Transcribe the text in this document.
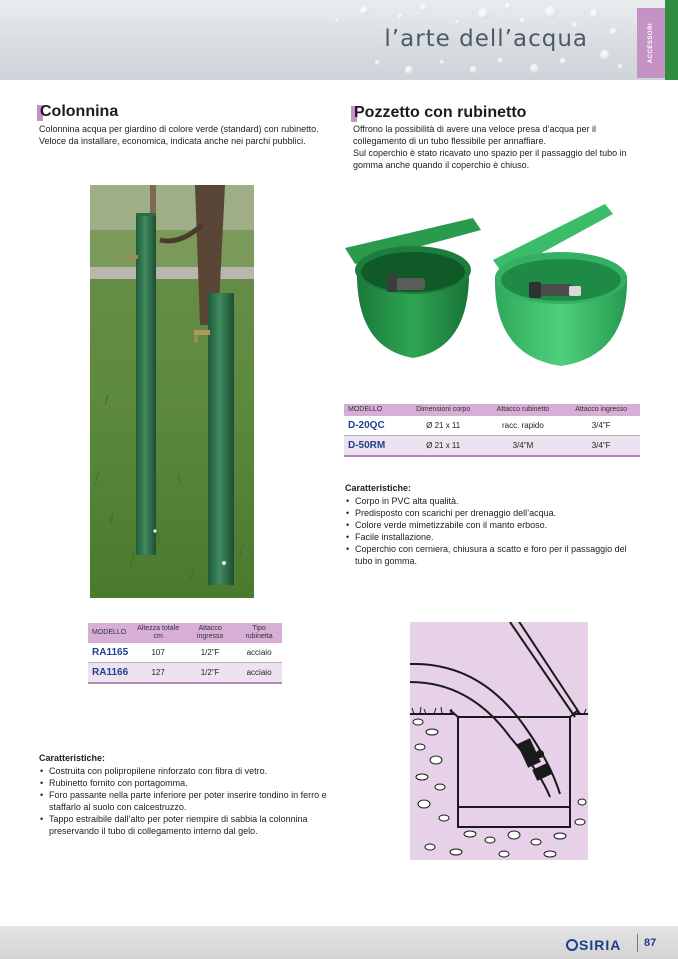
l’arte dell’acqua	ACCESSORI
Colonnina

Colonnina acqua per giardino di colore verde (standard) con rubinetto.
Veloce da installare, economica, indicata anche nei parchi pubblici.

MODELLO	Altezza totale cm	Attacco ingresso	Tipo rubinetta
RA1165	107	1/2"F	acciaio
RA1166	127	1/2"F	acciaio
Caratteristiche:
• Costruita con polipropilene rinforzato con fibra di vetro.
• Rubinetto fornito con portagomma.
• Foro passante nella parte inferiore per poter inserire tondino in ferro e staffarlo al suolo con calcestruzzo.
• Tappo estraibile dall’alto per poter riempire di sabbia la colonnina preservando il tubo di collegamento interno dal gelo.
Pozzetto con rubinetto

Offrono la possibilità di avere una veloce presa d’acqua per il collegamento di un tubo flessibile per annaffiare.
Sul coperchio è stato ricavato uno spazio per il passaggio del tubo in gomma anche quando il coperchio è chiuso.

MODELLO	Dimensioni corpo	Attacco rubinetto	Attacco ingresso
D-20QC	Ø 21 x 11	racc. rapido	3/4"F
D-50RM	Ø 21 x 11	3/4"M	3/4"F
Caratteristiche:
• Corpo in PVC alta qualità.
• Predisposto con scarichi per drenaggio dell’acqua.
• Colore verde mimetizzabile con il manto erboso.
• Facile installazione.
• Coperchio con cerniera, chiusura a scatto e foro per il passaggio del tubo in gomma.
SIRIA 87
